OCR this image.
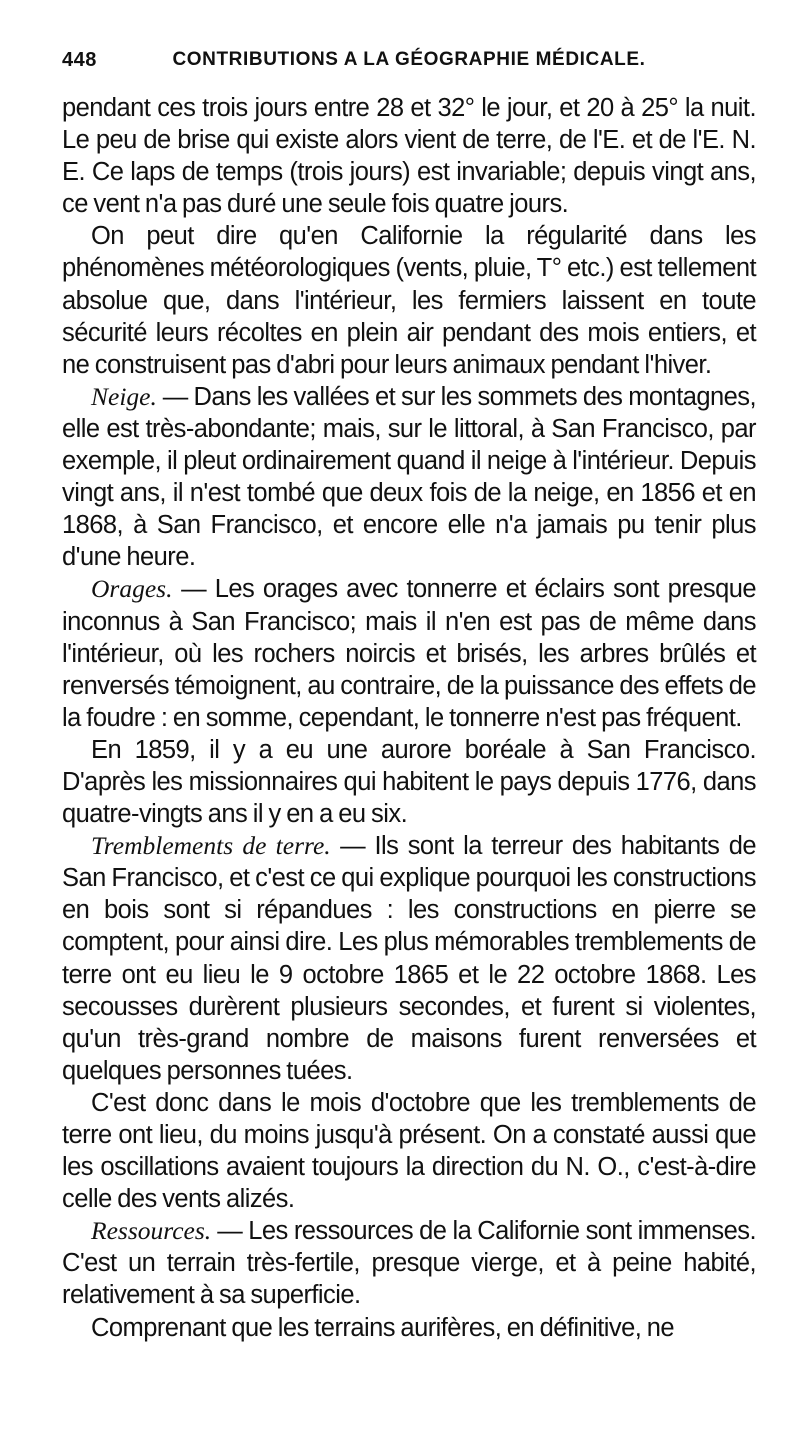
448	CONTRIBUTIONS A LA GÉOGRAPHIE MÉDICALE.

pendant ces trois jours entre 28 et 32° le jour, et 20 à 25° la nuit. Le peu de brise qui existe alors vient de terre, de l'E. et de l'E. N. E. Ce laps de temps (trois jours) est invariable; depuis vingt ans, ce vent n'a pas duré une seule fois quatre jours.

On peut dire qu'en Californie la régularité dans les phénomènes météorologiques (vents, pluie, T° etc.) est tellement absolue que, dans l'intérieur, les fermiers laissent en toute sécurité leurs récoltes en plein air pendant des mois entiers, et ne construisent pas d'abri pour leurs animaux pendant l'hiver.

Neige. — Dans les vallées et sur les sommets des montagnes, elle est très-abondante; mais, sur le littoral, à San Francisco, par exemple, il pleut ordinairement quand il neige à l'intérieur. Depuis vingt ans, il n'est tombé que deux fois de la neige, en 1856 et en 1868, à San Francisco, et encore elle n'a jamais pu tenir plus d'une heure.

Orages. — Les orages avec tonnerre et éclairs sont presque inconnus à San Francisco; mais il n'en est pas de même dans l'intérieur, où les rochers noircis et brisés, les arbres brûlés et renversés témoignent, au contraire, de la puissance des effets de la foudre : en somme, cependant, le tonnerre n'est pas fréquent.

En 1859, il y a eu une aurore boréale à San Francisco. D'après les missionnaires qui habitent le pays depuis 1776, dans quatre-vingts ans il y en a eu six.

Tremblements de terre. — Ils sont la terreur des habitants de San Francisco, et c'est ce qui explique pourquoi les constructions en bois sont si répandues : les constructions en pierre se comptent, pour ainsi dire. Les plus mémorables tremblements de terre ont eu lieu le 9 octobre 1865 et le 22 octobre 1868. Les secousses durèrent plusieurs secondes, et furent si violentes, qu'un très-grand nombre de maisons furent renversées et quelques personnes tuées.

C'est donc dans le mois d'octobre que les tremblements de terre ont lieu, du moins jusqu'à présent. On a constaté aussi que les oscillations avaient toujours la direction du N. O., c'est-à-dire celle des vents alizés.

Ressources. — Les ressources de la Californie sont immenses. C'est un terrain très-fertile, presque vierge, et à peine habité, relativement à sa superficie.

Comprenant que les terrains aurifères, en définitive, ne
